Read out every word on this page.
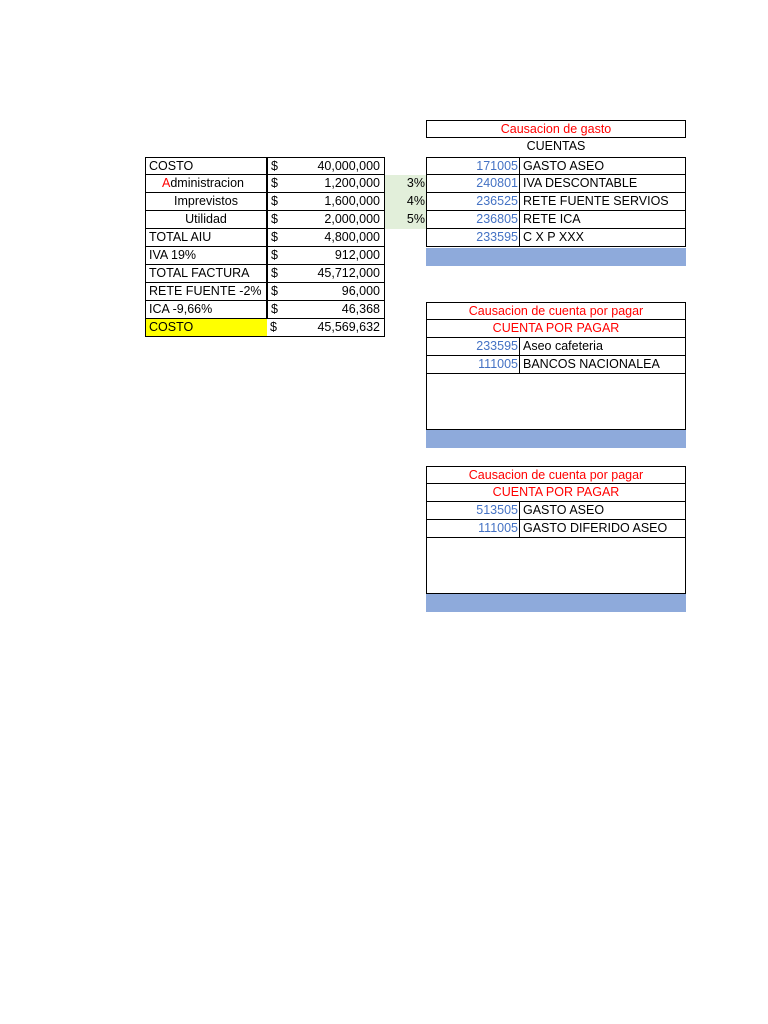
COSTO	$	40,000,000
Administracion	$	1,200,000	3%
Imprevistos	$	1,600,000	4%
Utilidad	$	2,000,000	5%
TOTAL AIU	$	4,800,000
IVA 19%	$	912,000
TOTAL FACTURA	$	45,712,000
RETE FUENTE -2% $	96,000
ICA -9,66%	$	46,368
COSTO	$	45,569,632
Causacion de gasto
CUENTAS
171005 GASTO ASEO
240801 IVA DESCONTABLE
236525 RETE FUENTE SERVIOS
236805 RETE ICA
233595 C X P XXX
Causacion de cuenta por pagar
CUENTA POR PAGAR
233595 Aseo cafeteria
111005 BANCOS NACIONALEA
Causacion de cuenta por pagar
CUENTA POR PAGAR
513505 GASTO ASEO
111005 GASTO DIFERIDO ASEO
